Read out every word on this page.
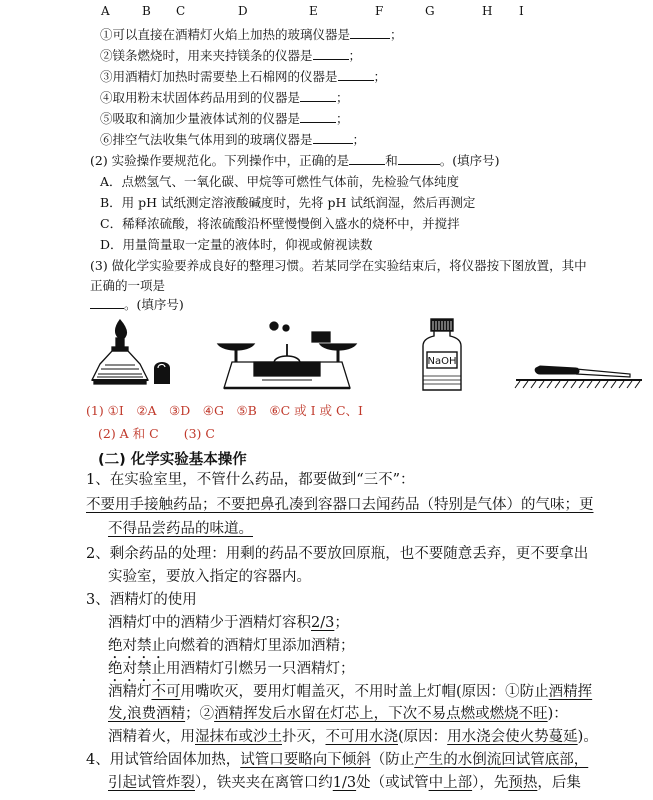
A	B C	D	E	F	G	H I
①可以直接在酒精灯火焰上加热的玻璃仪器是	；
②镁条燃烧时，用来夹持镁条的仪器是	；
③用酒精灯加热时需要垫上石棉网的仪器是	；
④取用粉末状固体药品用到的仪器是	；
⑤吸取和滴加少量液体试剂的仪器是	；
⑥排空气法收集气体用到的玻璃仪器是	；
(2) 实验操作要规范化。下列操作中，正确的是	和	。(填序号)
A．点燃氢气、一氧化碳、甲烷等可燃性气体前，先检验气体纯度
B．用 pH 试纸测定溶液酸碱度时，先将 pH 试纸润湿，然后再测定
C．稀释浓硫酸，将浓硫酸沿杯壁慢慢倒入盛水的烧杯中，并搅拌
D．用量筒量取一定量的液体时，仰视或俯视读数
(3) 做化学实验要养成良好的整理习惯。若某同学在实验结束后，将仪器按下图放置，其中
正确的一项是
。(填序号)
NaOH
(1) ①I　②A　③D　④G　⑤B　⑥C 或 I 或 C、I
(2) A 和 C　　(3) C
(二) 化学实验基本操作
1、在实验室里，不管什么药品，都要做到“三不”：
不要用手接触药品；不要把鼻孔凑到容器口去闻药品（特别是气体）的气味；更
不得品尝药品的味道。
2、剩余药品的处理：用剩的药品不要放回原瓶，也不要随意丢弃，更不要拿出
实验室，要放入指定的容器内。
3、酒精灯的使用
酒精灯中的酒精少于酒精灯容积2/3；
绝对禁止向燃着的酒精灯里添加酒精；
绝对禁止用酒精灯引燃另一只酒精灯；
酒精灯不可用嘴吹灭，要用灯帽盖灭，不用时盖上灯帽(原因：①防止酒精挥
发,浪费酒精；②酒精挥发后水留在灯芯上，下次不易点燃或燃烧不旺)：
酒精着火，用湿抹布或沙土扑灭，不可用水浇(原因：用水浇会使火势蔓延)。
4、用试管给固体加热，试管口要略向下倾斜（防止产生的水倒流回试管底部，
引起试管炸裂），铁夹夹在离管口约1/3处（或试管中上部），先预热，后集
